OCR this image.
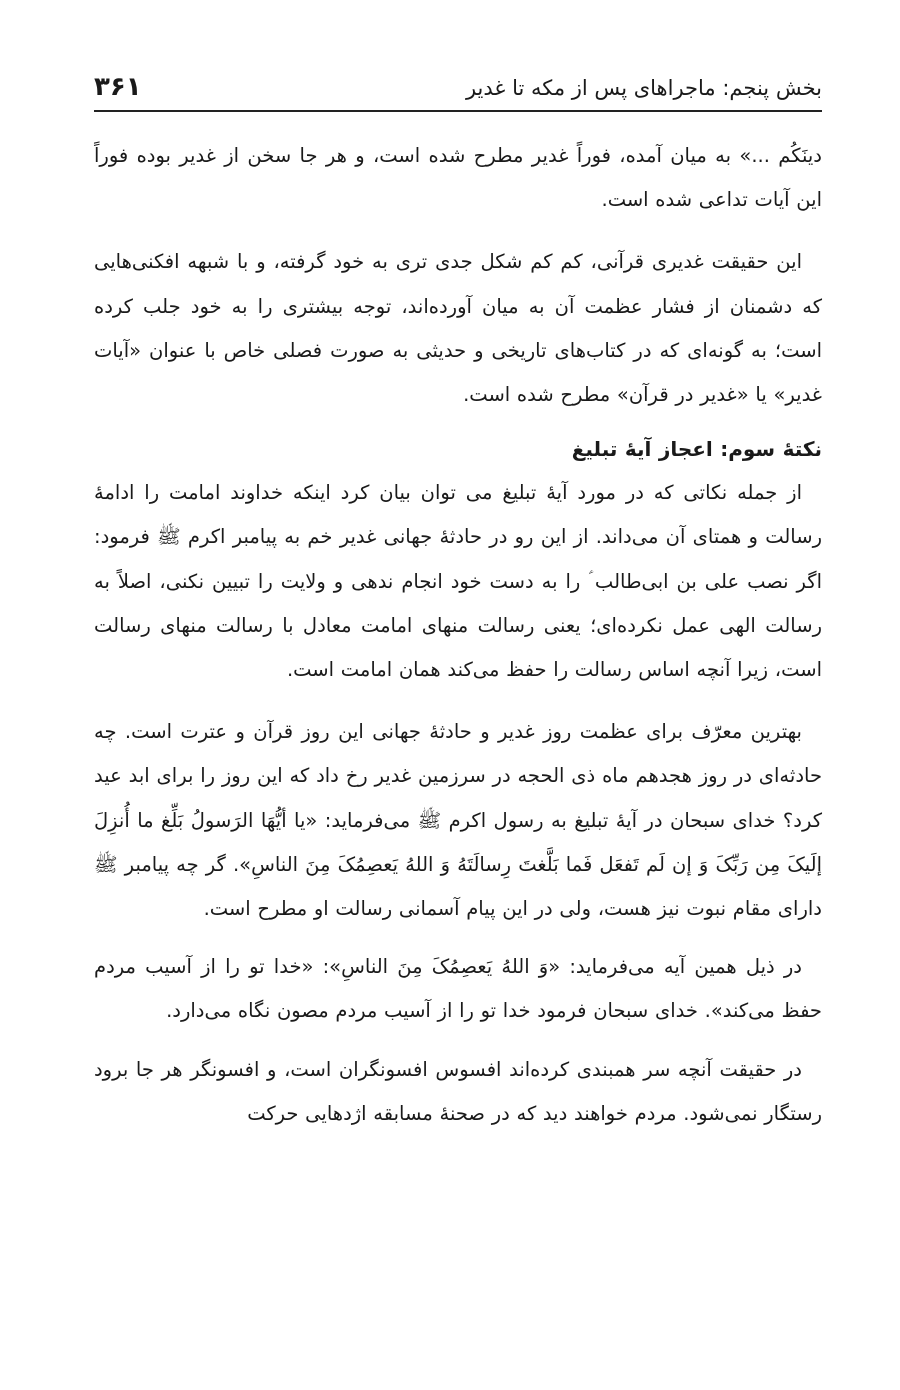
بخش پنجم: ماجراهای پس از مکه تا غدیر
۳۶۱

دینَکُم ...» به میان آمده، فوراً غدیر مطرح شده است، و هر جا سخن از غدیر بوده فوراً این آیات تداعی شده است.

این حقیقت غدیری قرآنی، کم کم شکل جدی تری به خود گرفته، و با شبهه افکنی‌هایی که دشمنان از فشار عظمت آن به میان آورده‌اند، توجه بیشتری را به خود جلب کرده است؛ به گونه‌ای که در کتاب‌های تاریخی و حدیثی به صورت فصلی خاص با عنوان «آیات غدیر» یا «غدیر در قرآن» مطرح شده است.

نکتهٔ سوم: اعجاز آیهٔ تبلیغ

از جمله نکاتی که در مورد آیهٔ تبلیغ می توان بیان کرد اینکه خداوند امامت را ادامهٔ رسالت و همتای آن می‌داند. از این رو در حادثهٔ جهانی غدیر خم به پیامبر اکرم ﷺ فرمود: اگر نصب علی بن ابی‌طالب ؑ را به دست خود انجام ندهی و ولایت را تبیین نکنی، اصلاً به رسالت الهی عمل نکرده‌ای؛ یعنی رسالت منهای امامت معادل با رسالت منهای رسالت است، زیرا آنچه اساس رسالت را حفظ می‌کند همان امامت است.

بهترین معرّف برای عظمت روز غدیر و حادثهٔ جهانی این روز قرآن و عترت است. چه حادثه‌ای در روز هجدهم ماه ذی الحجه در سرزمین غدیر رخ داد که این روز را برای ابد عید کرد؟ خدای سبحان در آیهٔ تبلیغ به رسول اکرم ﷺ می‌فرماید: «یا أیُّهَا الرَسولُ بَلِّغ ما أُنزِلَ إلَیکَ مِن رَبِّکَ وَ إن لَم تَفعَل فَما بَلَّغتَ رِسالَتَهُ وَ اللهُ یَعصِمُکَ مِنَ الناسِ». گر چه پیامبر ﷺ دارای مقام نبوت نیز هست، ولی در این پیام آسمانی رسالت او مطرح است.

در ذیل همین آیه می‌فرماید: «وَ اللهُ یَعصِمُکَ مِنَ الناسِ»: «خدا تو را از آسیب مردم حفظ می‌کند». خدای سبحان فرمود خدا تو را از آسیب مردم مصون نگاه می‌دارد.

در حقیقت آنچه سر همبندی کرده‌اند افسوس افسونگران است، و افسونگر هر جا برود رستگار نمی‌شود. مردم خواهند دید که در صحنهٔ مسابقه اژدهایی حرکت
